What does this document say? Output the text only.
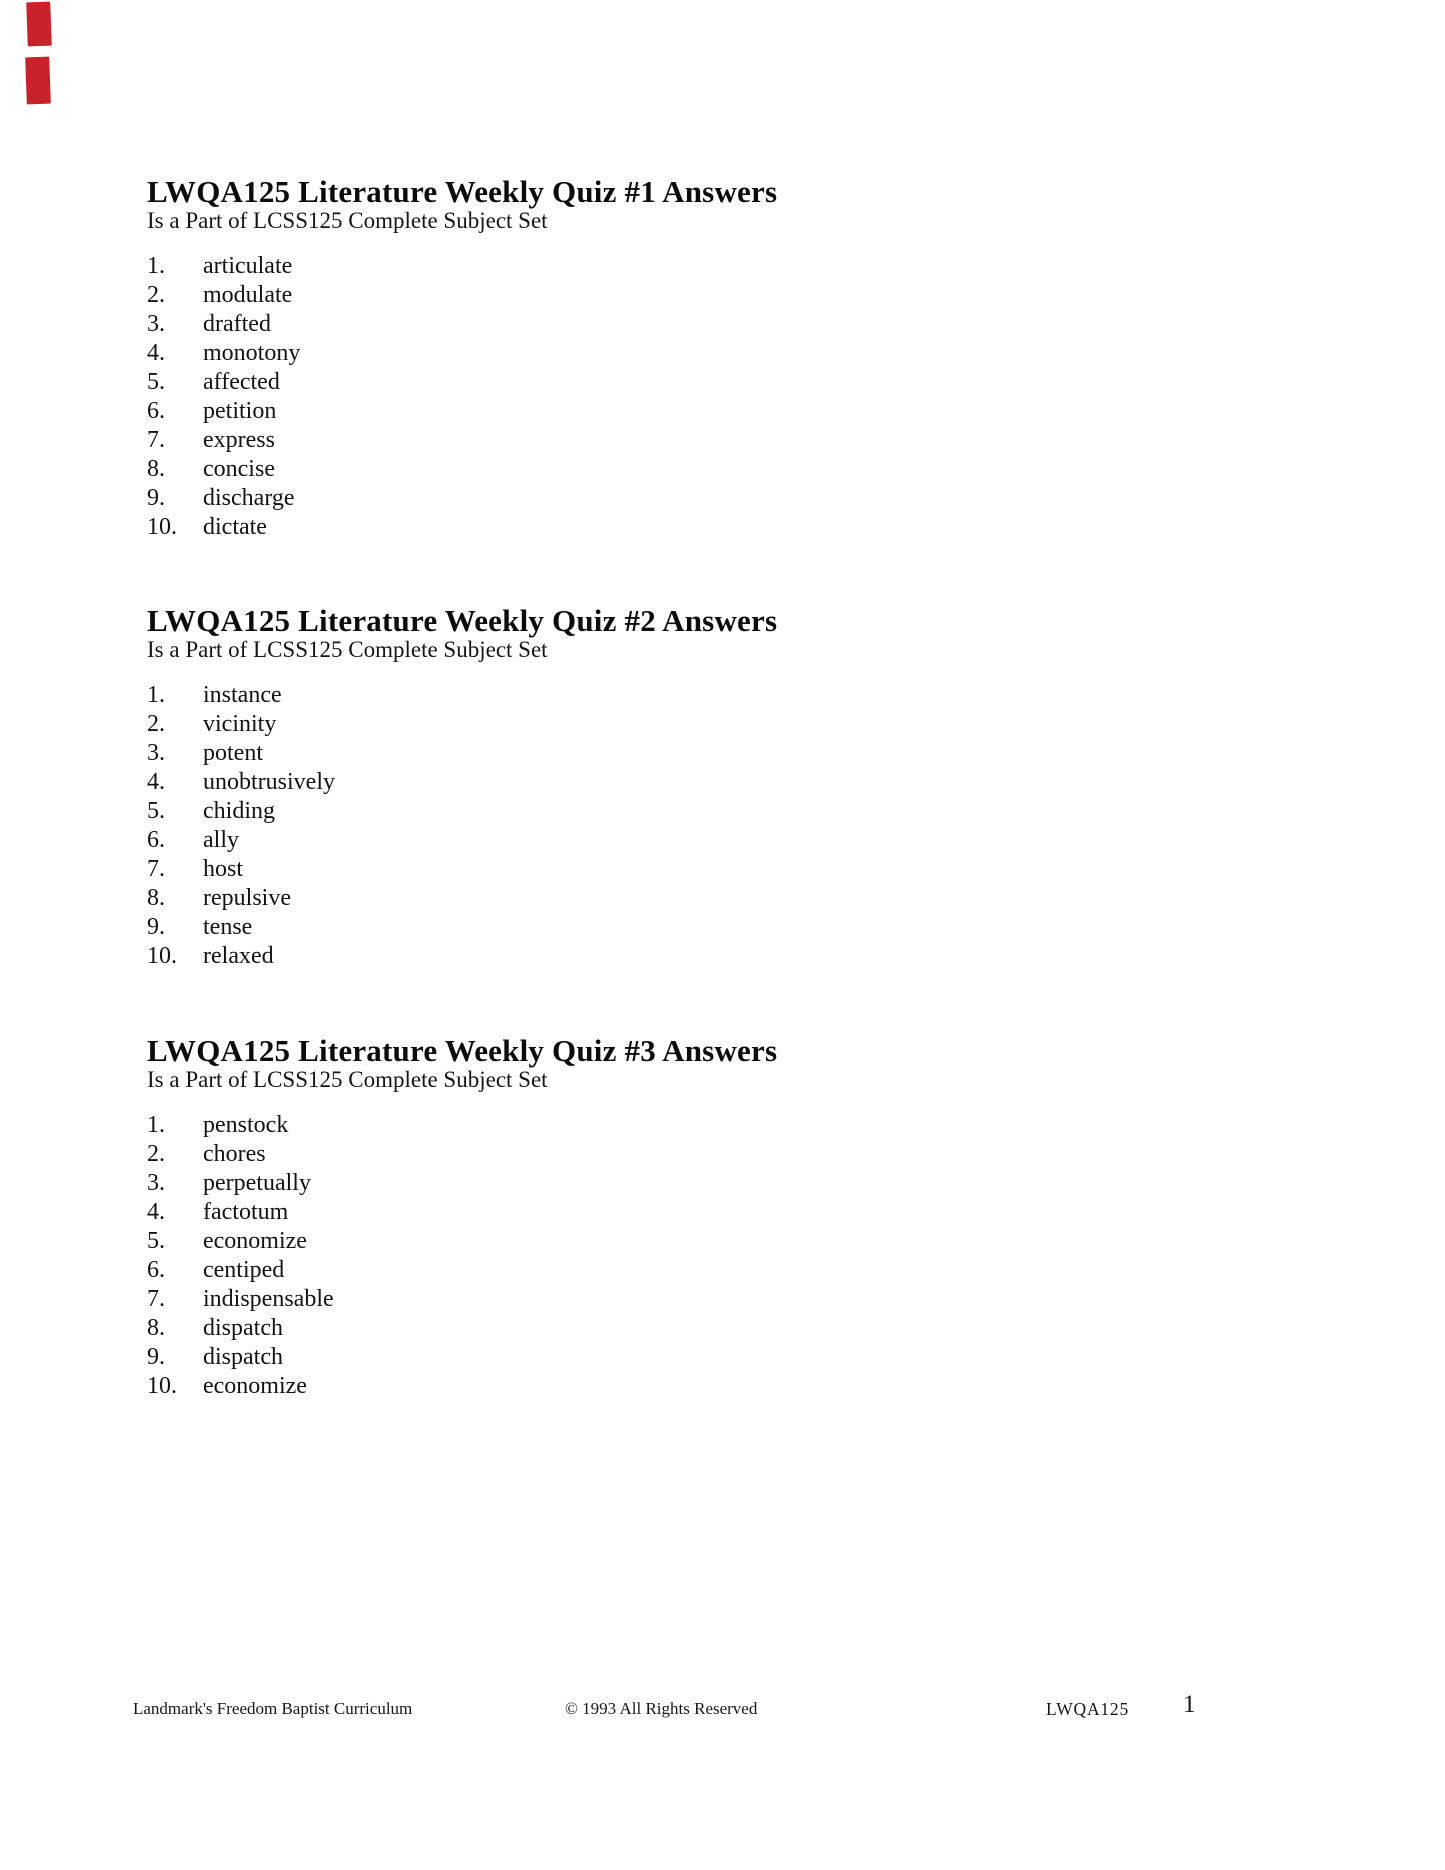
LWQA125 Literature Weekly Quiz #1 Answers

Is a Part of LCSS125 Complete Subject Set

1. articulate
2. modulate
3. drafted
4. monotony
5. affected
6. petition
7. express
8. concise
9. discharge
10. dictate
LWQA125 Literature Weekly Quiz #2 Answers

Is a Part of LCSS125 Complete Subject Set

1. instance
2. vicinity
3. potent
4. unobtrusively
5. chiding
6. ally
7. host
8. repulsive
9. tense
10. relaxed
LWQA125 Literature Weekly Quiz #3 Answers

Is a Part of LCSS125 Complete Subject Set

1. penstock
2. chores
3. perpetually
4. factotum
5. economize
6. centiped
7. indispensable
8. dispatch
9. dispatch
10. economize
Landmark's Freedom Baptist Curriculum	© 1993 All Rights Reserved	LWQA125 1
